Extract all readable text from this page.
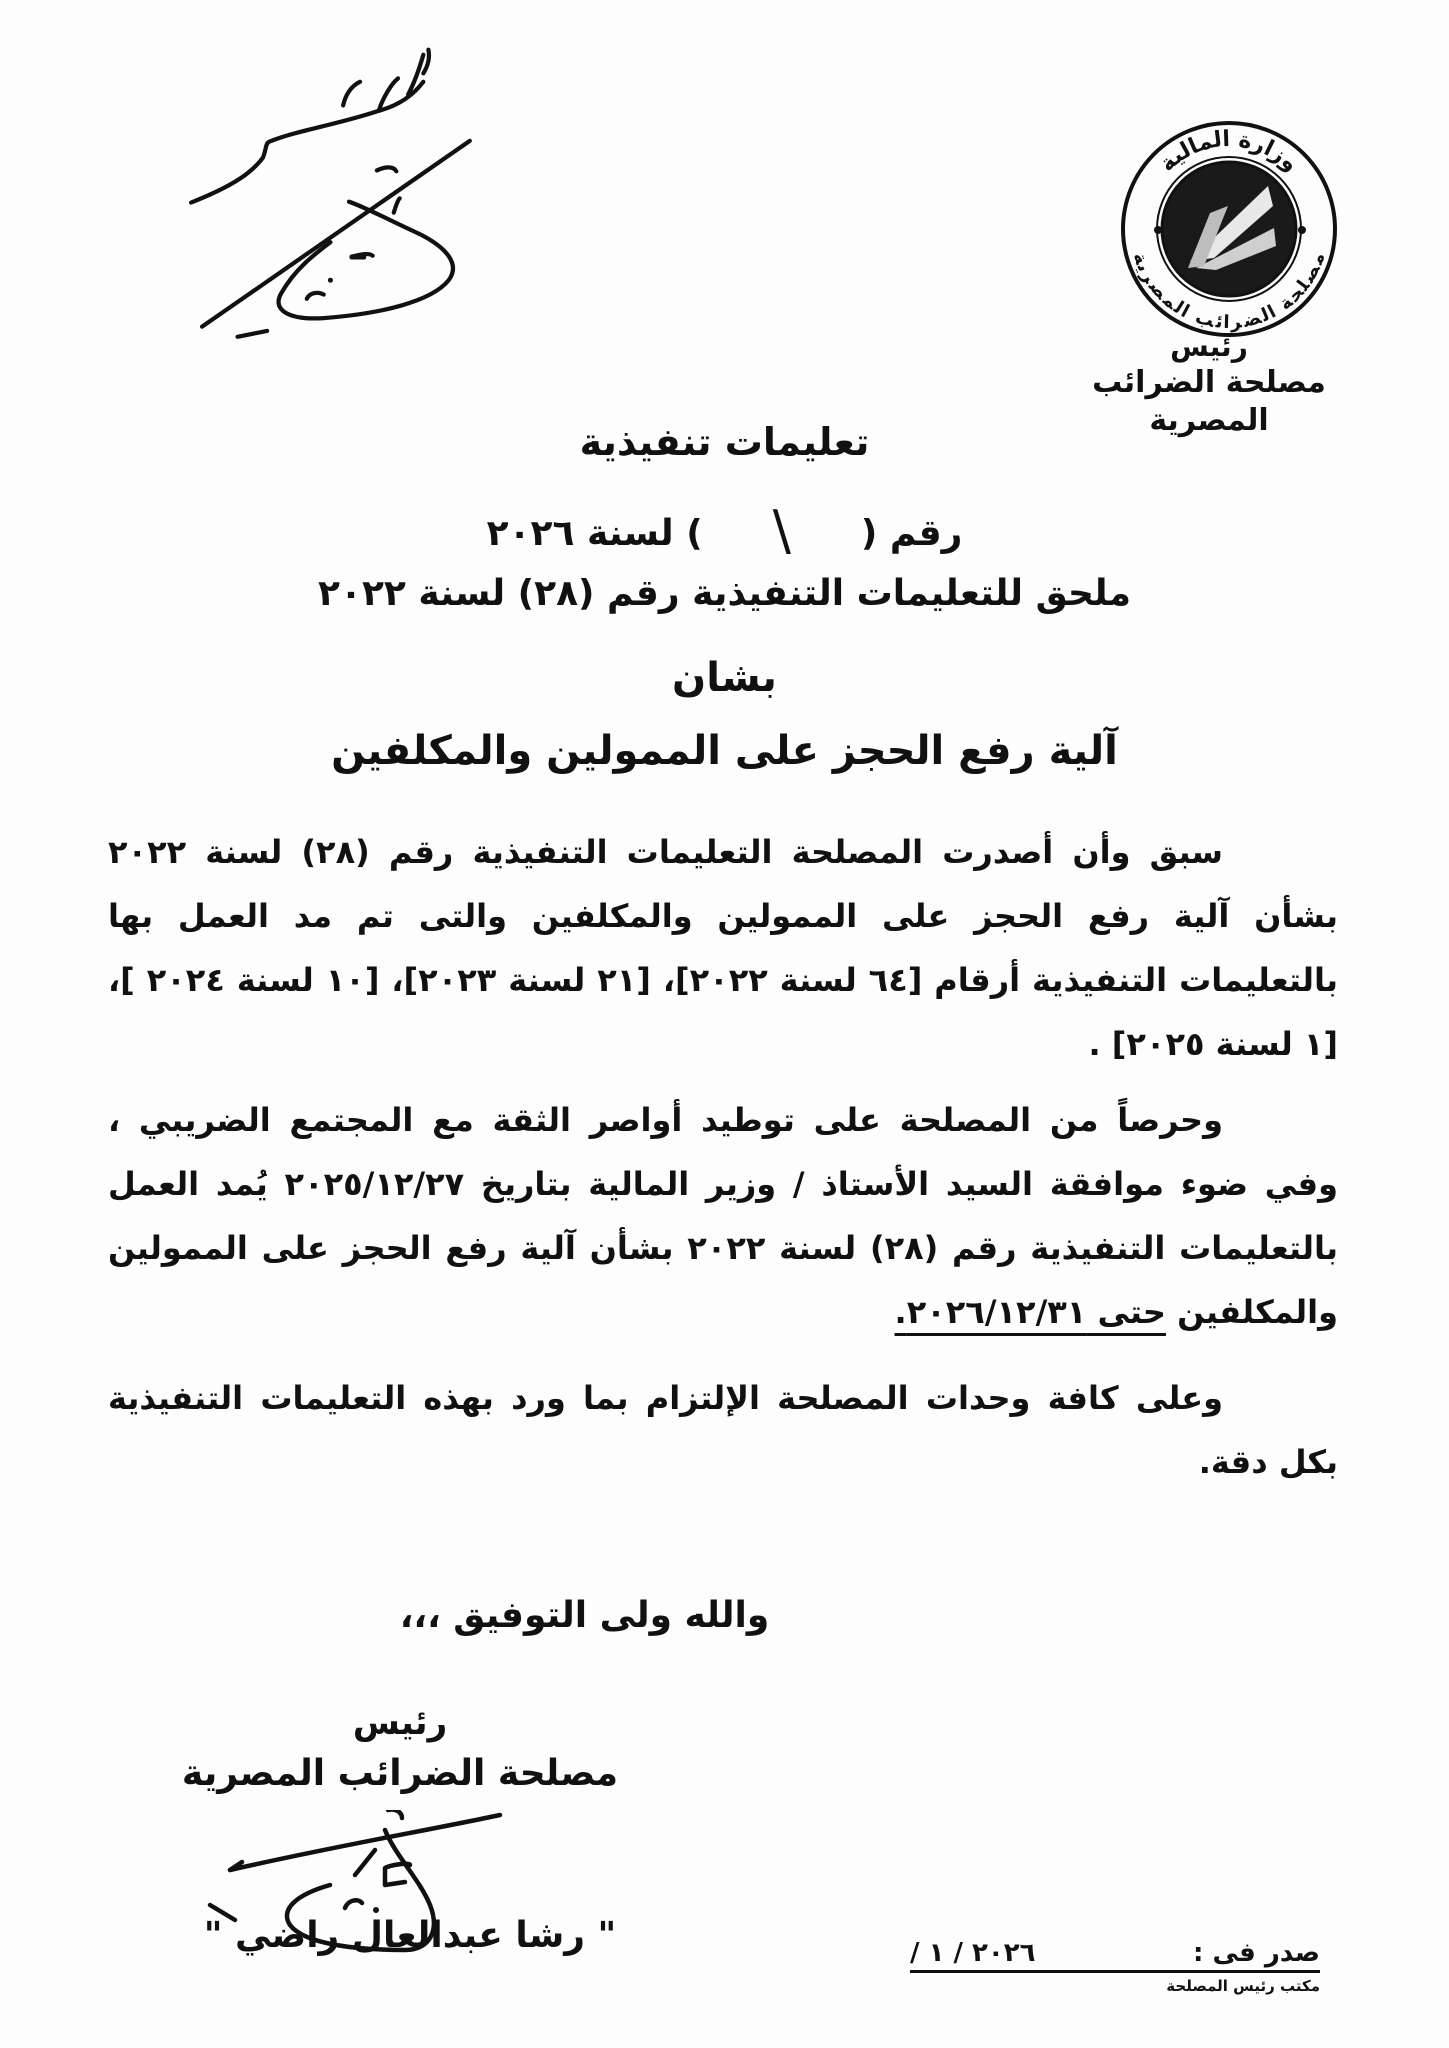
وزارة المالية
مصلحة الضرائب المصرية
رئيس
مصلحة الضرائب المصرية
تعليمات تنفيذية
رقم (\) لسنة ٢٠٢٦
ملحق للتعليمات التنفيذية رقم (٢٨) لسنة ٢٠٢٢
بشان
آلية رفع الحجز على الممولين والمكلفين

سبق وأن أصدرت المصلحة التعليمات التنفيذية رقم (٢٨) لسنة ٢٠٢٢ بشأن آلية رفع الحجز على الممولين والمكلفين والتى تم مد العمل بها بالتعليمات التنفيذية أرقام [٦٤ لسنة ٢٠٢٢]، [٢١ لسنة ٢٠٢٣]، [١٠ لسنة ٢٠٢٤ ]، [١ لسنة ٢٠٢٥] .

وحرصاً من المصلحة على توطيد أواصر الثقة مع المجتمع الضريبي ، وفي ضوء موافقة السيد الأستاذ / وزير المالية بتاريخ ٢٠٢٥/١٢/٢٧ يُمد العمل بالتعليمات التنفيذية رقم (٢٨) لسنة ٢٠٢٢ بشأن آلية رفع الحجز على الممولين والمكلفين حتى ٢٠٢٦/١٢/٣١.

وعلى كافة وحدات المصلحة الإلتزام بما ورد بهذه التعليمات التنفيذية بكل دقة.

والله ولى التوفيق ،،،
رئيس
مصلحة الضرائب المصرية
" رشا عبدالعال راضي "	صدر فى :
٢٠٢٦ / ١ /
مكتب رئيس المصلحة
